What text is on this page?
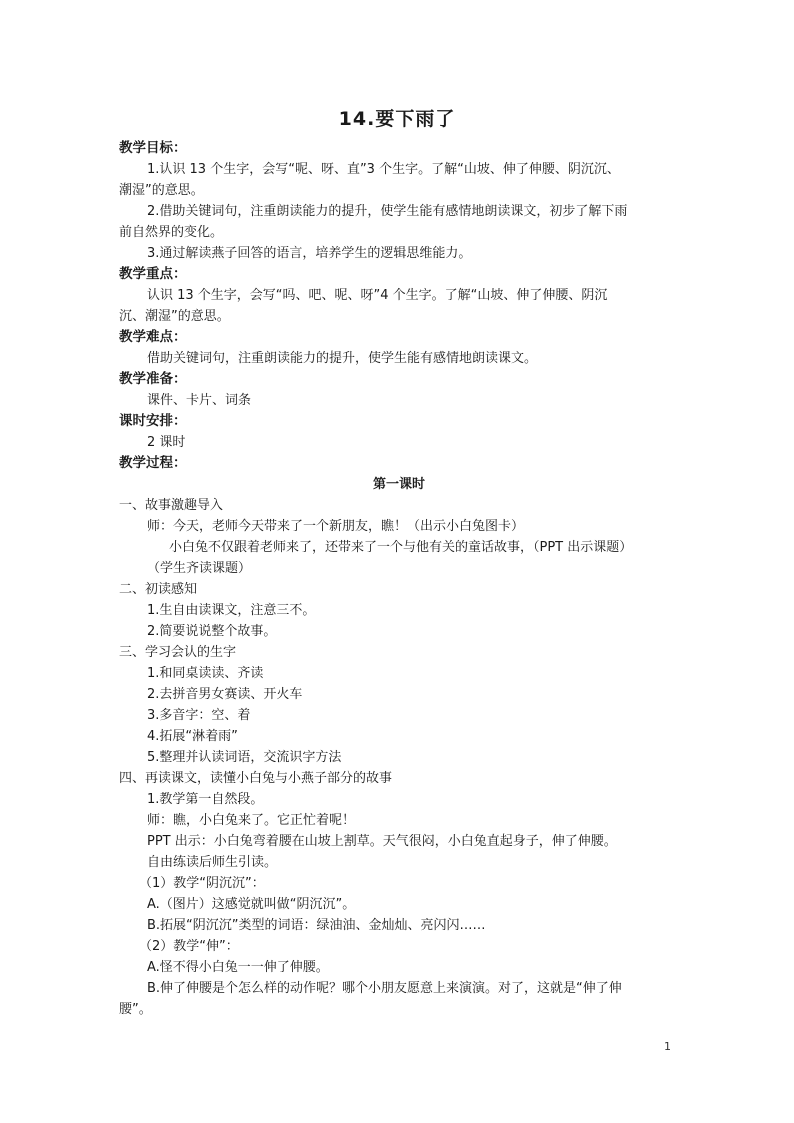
14.要下雨了
教学目标：
1.认识 13 个生字，会写“呢、呀、直”3 个生字。了解“山坡、伸了伸腰、阴沉沉、
潮湿”的意思。
2.借助关键词句，注重朗读能力的提升，使学生能有感情地朗读课文，初步了解下雨
前自然界的变化。
3.通过解读燕子回答的语言，培养学生的逻辑思维能力。
教学重点：
认识 13 个生字，会写“吗、吧、呢、呀”4 个生字。了解“山坡、伸了伸腰、阴沉
沉、潮湿”的意思。
教学难点：
借助关键词句，注重朗读能力的提升，使学生能有感情地朗读课文。
教学准备：
课件、卡片、词条
课时安排：
2 课时
教学过程：
第一课时
一、故事激趣导入
师：今天，老师今天带来了一个新朋友，瞧！（出示小白兔图卡）
小白兔不仅跟着老师来了，还带来了一个与他有关的童话故事，（PPT 出示课题）
（学生齐读课题）
二、初读感知
1.生自由读课文，注意三不。
2.简要说说整个故事。
三、学习会认的生字
1.和同桌读读、齐读
2.去拼音男女赛读、开火车
3.多音字：空、着
4.拓展“淋着雨”
5.整理并认读词语，交流识字方法
四、再读课文，读懂小白兔与小燕子部分的故事
1.教学第一自然段。
师：瞧，小白兔来了。它正忙着呢！
PPT 出示：小白兔弯着腰在山坡上割草。天气很闷，小白兔直起身子，伸了伸腰。
自由练读后师生引读。
（1）教学“阴沉沉”：
A.（图片）这感觉就叫做“阴沉沉”。
B.拓展“阴沉沉”类型的词语：绿油油、金灿灿、亮闪闪……
（2）教学“伸”：
A.怪不得小白兔一一伸了伸腰。
B.伸了伸腰是个怎么样的动作呢？哪个小朋友愿意上来演演。对了，这就是“伸了伸
腰”。
1
